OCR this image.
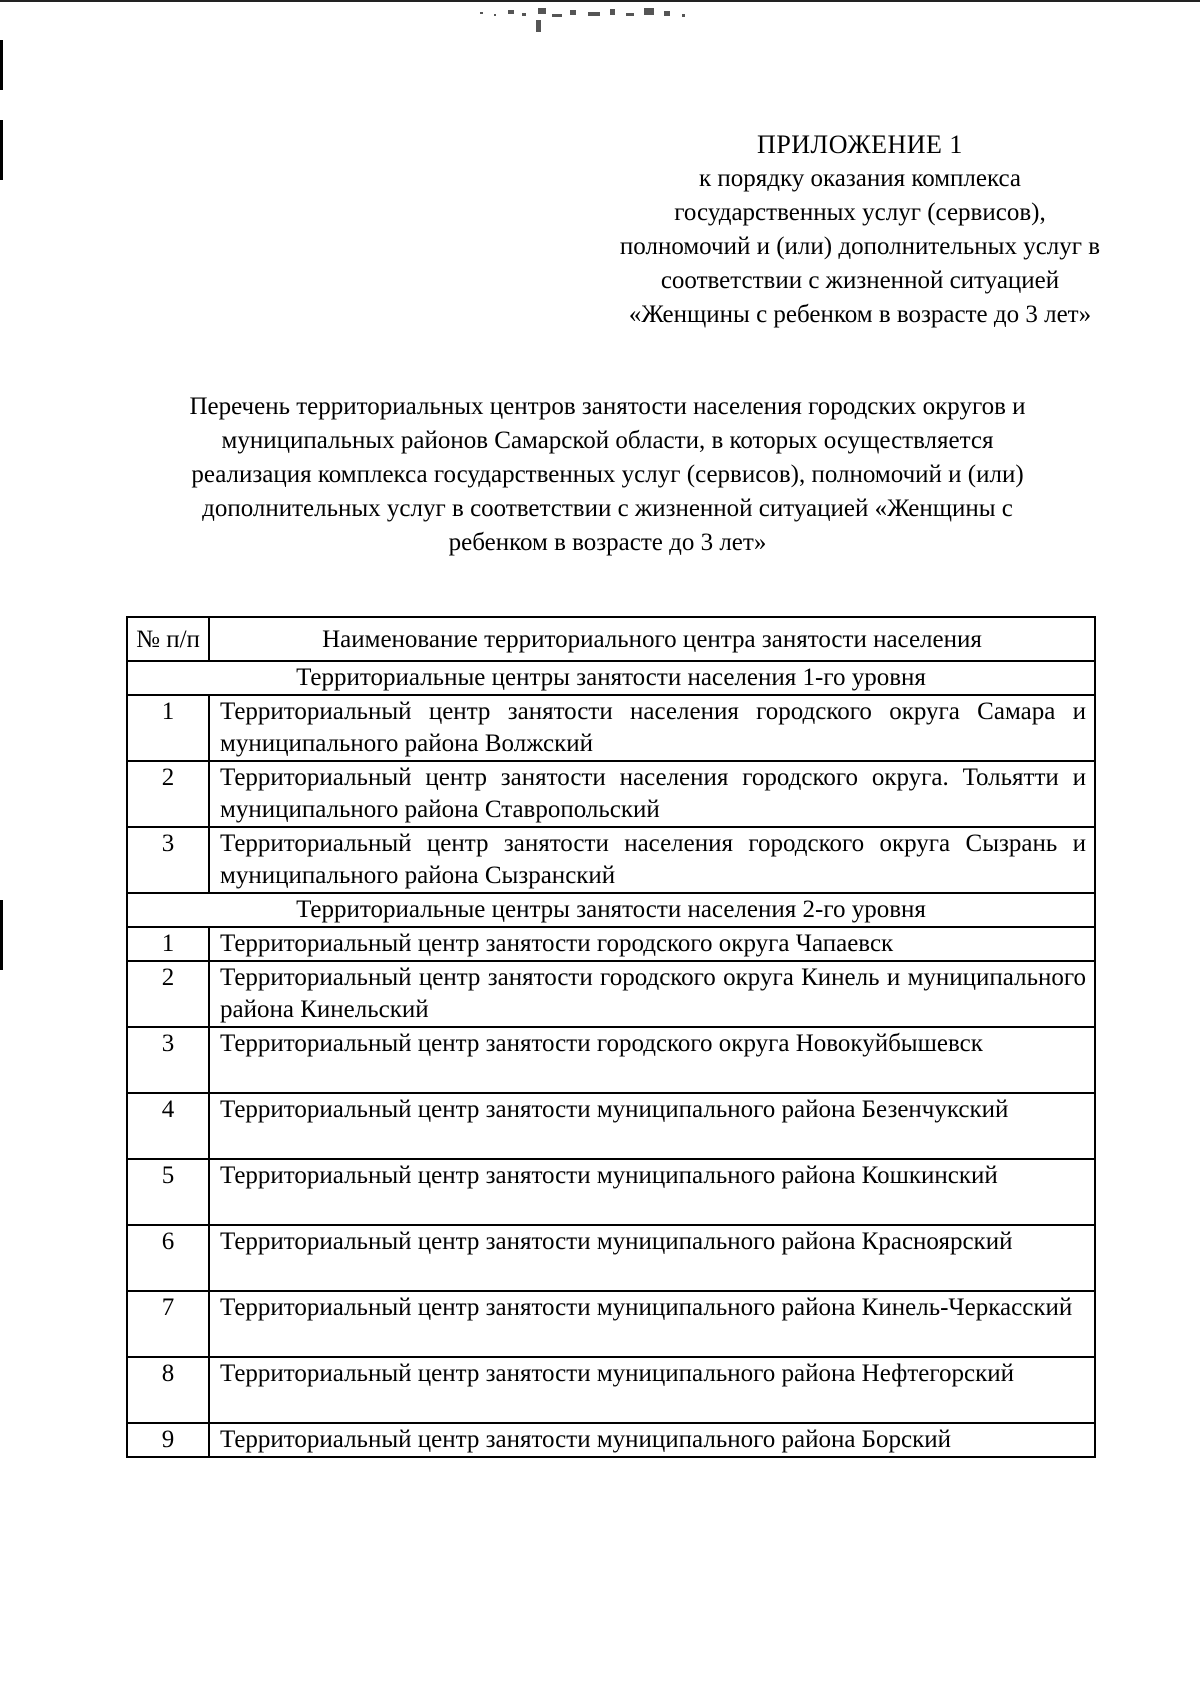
ПРИЛОЖЕНИЕ 1
к порядку оказания комплекса
государственных услуг (сервисов),
полномочий и (или) дополнительных услуг в
соответствии с жизненной ситуацией
«Женщины с ребенком в возрасте до 3 лет»
Перечень территориальных центров занятости населения городских округов и
муниципальных районов Самарской области, в которых осуществляется
реализация комплекса государственных услуг (сервисов), полномочий и (или)
дополнительных услуг в соответствии с жизненной ситуацией «Женщины с
ребенком в возрасте до 3 лет»
№ п/п	Наименование территориального центра занятости населения
Территориальные центры занятости населения 1-го уровня	
1	Территориальный центр занятости населения городского округа Самара и муниципального района Волжский
2	Территориальный центр занятости населения городского округа. Тольятти и муниципального района Ставропольский
3	Территориальный центр занятости населения городского округа Сызрань и муниципального района Сызранский
Территориальные центры занятости населения 2-го уровня	
1	Территориальный центр занятости городского округа Чапаевск
2	Территориальный центр занятости городского округа Кинель и муниципального района Кинельский
3	Территориальный центр занятости городского округа Новокуйбышевск
4	Территориальный центр занятости муниципального района Безенчукский
5	Территориальный центр занятости муниципального района Кошкинский
6	Территориальный центр занятости муниципального района Красноярский
7	Территориальный центр занятости муниципального района Кинель-Черкасский
8	Территориальный центр занятости муниципального района Нефтегорский
9	Территориальный центр занятости муниципального района Борский
